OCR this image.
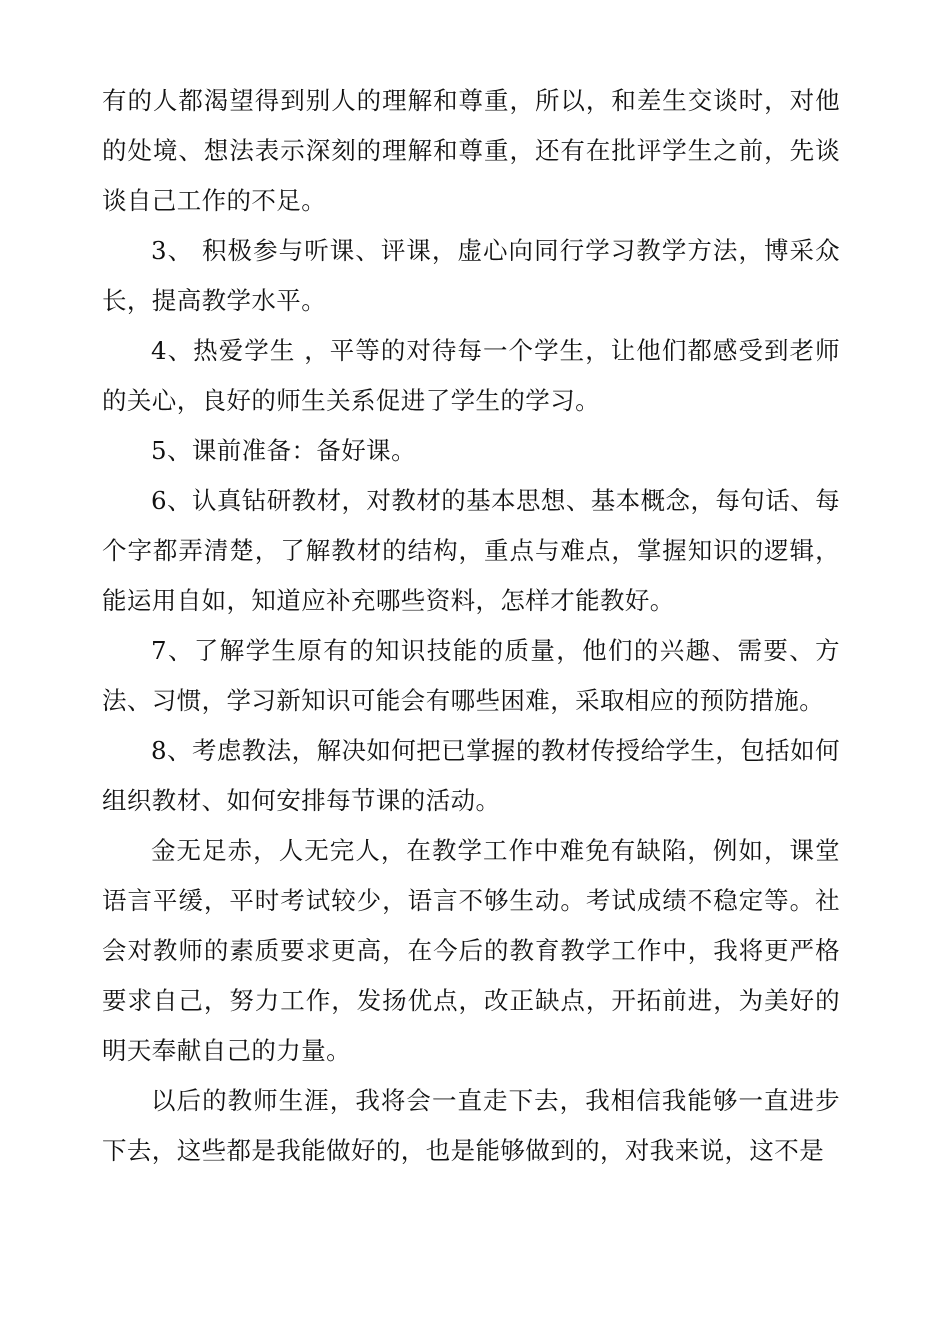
有的人都渴望得到别人的理解和尊重，所以，和差生交谈时，对他的处境、想法表示深刻的理解和尊重，还有在批评学生之前，先谈谈自己工作的不足。

3、 积极参与听课、评课，虚心向同行学习教学方法，博采众长，提高教学水平。

4、热爱学生 ，平等的对待每一个学生，让他们都感受到老师的关心，良好的师生关系促进了学生的学习。

5、课前准备：备好课。

6、认真钻研教材，对教材的基本思想、基本概念，每句话、每个字都弄清楚，了解教材的结构，重点与难点，掌握知识的逻辑，能运用自如，知道应补充哪些资料，怎样才能教好。

7、了解学生原有的知识技能的质量，他们的兴趣、需要、方法、习惯，学习新知识可能会有哪些困难，采取相应的预防措施。

8、考虑教法，解决如何把已掌握的教材传授给学生，包括如何组织教材、如何安排每节课的活动。

金无足赤，人无完人，在教学工作中难免有缺陷，例如，课堂语言平缓，平时考试较少，语言不够生动。考试成绩不稳定等。社会对教师的素质要求更高，在今后的教育教学工作中，我将更严格要求自己，努力工作，发扬优点，改正缺点，开拓前进，为美好的明天奉献自己的力量。

以后的教师生涯，我将会一直走下去，我相信我能够一直进步下去，这些都是我能做好的，也是能够做到的，对我来说，这不是
